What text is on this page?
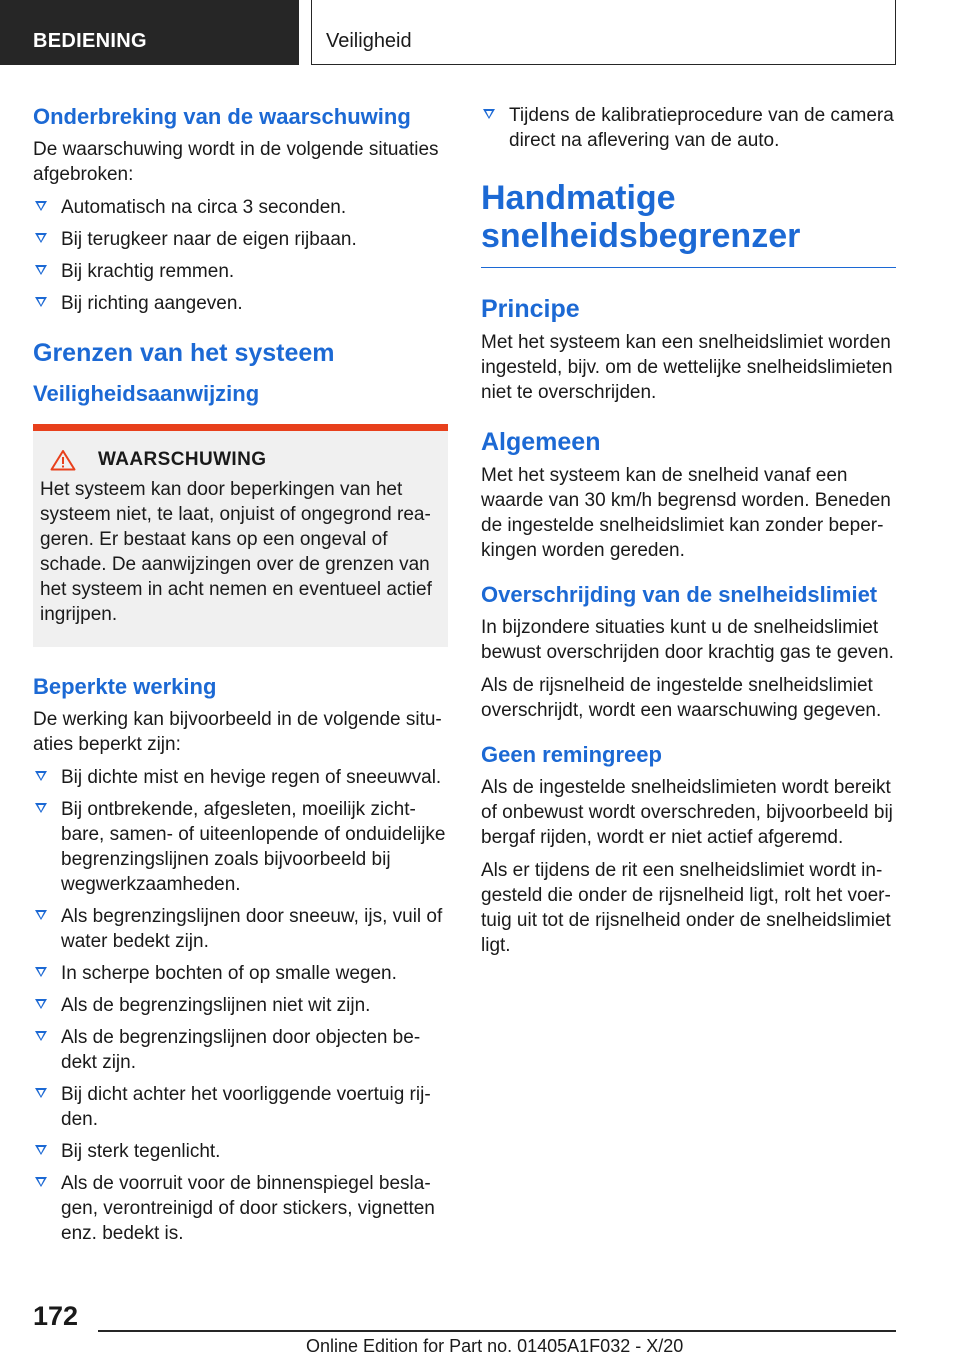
BEDIENING	Veiligheid
Onderbreking van de waarschuwing

De waarschuwing wordt in de volgende situaties afgebroken:

Automatisch na circa 3 seconden.
Bij terugkeer naar de eigen rijbaan.
Bij krachtig remmen.
Bij richting aangeven.
Grenzen van het systeem
Veiligheidsaanwijzing
WAARSCHUWING

Het systeem kan door beperkingen van het systeem niet, te laat, onjuist of ongegrond reageren. Er bestaat kans op een ongeval of schade. De aanwijzingen over de grenzen van het systeem in acht nemen en eventueel actief ingrijpen.

Beperkte werking

De werking kan bijvoorbeeld in de volgende situaties beperkt zijn:

Bij dichte mist en hevige regen of sneeuwval.
Bij ontbrekende, afgesleten, moeilijk zichtbare, samen- of uiteenlopende of onduidelijke begrenzingslijnen zoals bijvoorbeeld bij wegwerkzaamheden.
Als begrenzingslijnen door sneeuw, ijs, vuil of water bedekt zijn.
In scherpe bochten of op smalle wegen.
Als de begrenzingslijnen niet wit zijn.
Als de begrenzingslijnen door objecten bedekt zijn.
Bij dicht achter het voorliggende voertuig rijden.
Bij sterk tegenlicht.
Als de voorruit voor de binnenspiegel beslagen, verontreinigd of door stickers, vignetten enz. bedekt is.
Tijdens de kalibratieprocedure van de camera direct na aflevering van de auto.
Handmatige snelheidsbegrenzer
Principe

Met het systeem kan een snelheidslimiet worden ingesteld, bijv. om de wettelijke snelheidslimieten niet te overschrijden.

Algemeen

Met het systeem kan de snelheid vanaf een waarde van 30 km/h begrensd worden. Beneden de ingestelde snelheidslimiet kan zonder beperkingen worden gereden.

Overschrijding van de snelheidslimiet

In bijzondere situaties kunt u de snelheidslimiet bewust overschrijden door krachtig gas te geven.

Als de rijsnelheid de ingestelde snelheidslimiet overschrijdt, wordt een waarschuwing gegeven.

Geen remingreep

Als de ingestelde snelheidslimieten wordt bereikt of onbewust wordt overschreden, bijvoorbeeld bij bergaf rijden, wordt er niet actief afgeremd.

Als er tijdens de rit een snelheidslimiet wordt ingesteld die onder de rijsnelheid ligt, rolt het voertuig uit tot de rijsnelheid onder de snelheidslimiet ligt.

172
Online Edition for Part no. 01405A1F032 - X/20
